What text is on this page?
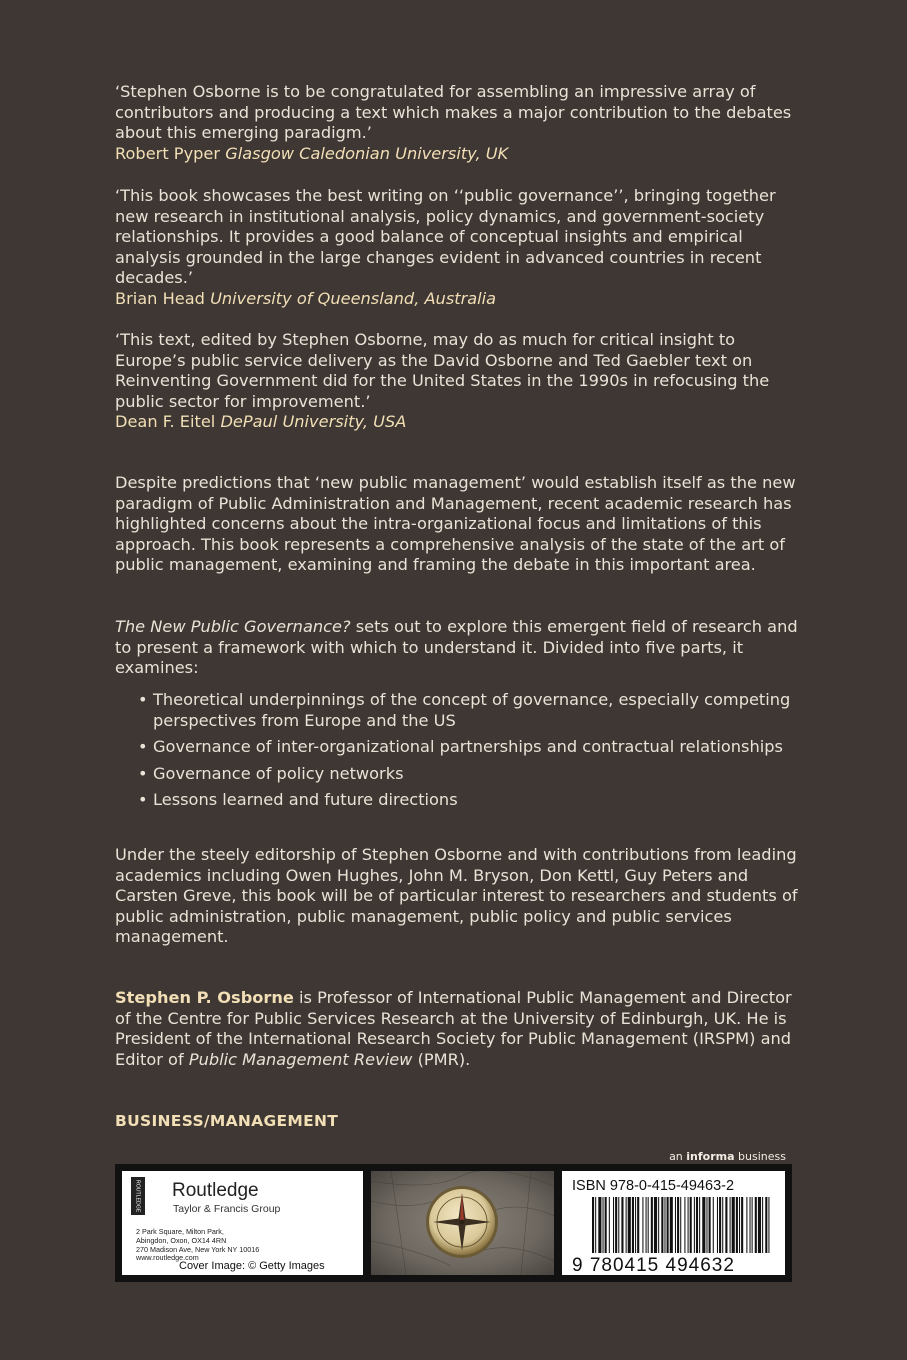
‘Stephen Osborne is to be congratulated for assembling an impressive array of contributors and producing a text which makes a major contribution to the debates about this emerging paradigm.’

Robert Pyper Glasgow Caledonian University, UK

‘This book showcases the best writing on ‘‘public governance’’, bringing together new research in institutional analysis, policy dynamics, and government-society relationships. It provides a good balance of conceptual insights and empirical analysis grounded in the large changes evident in advanced countries in recent decades.’

Brian Head University of Queensland, Australia

‘This text, edited by Stephen Osborne, may do as much for critical insight to Europe’s public service delivery as the David Osborne and Ted Gaebler text on Reinventing Government did for the United States in the 1990s in refocusing the public sector for improvement.’

Dean F. Eitel DePaul University, USA

Despite predictions that ‘new public management’ would establish itself as the new paradigm of Public Administration and Management, recent academic research has highlighted concerns about the intra-organizational focus and limitations of this approach. This book represents a comprehensive analysis of the state of the art of public management, examining and framing the debate in this important area.

The New Public Governance? sets out to explore this emergent field of research and to present a framework with which to understand it. Divided into five parts, it examines:

• Theoretical underpinnings of the concept of governance, especially competing perspectives from Europe and the US
• Governance of inter-organizational partnerships and contractual relationships
• Governance of policy networks
• Lessons learned and future directions

Under the steely editorship of Stephen Osborne and with contributions from leading academics including Owen Hughes, John M. Bryson, Don Kettl, Guy Peters and Carsten Greve, this book will be of particular interest to researchers and students of public administration, public management, public policy and public services management.

Stephen P. Osborne is Professor of International Public Management and Director of the Centre for Public Services Research at the University of Edinburgh, UK. He is President of the International Research Society for Public Management (IRSPM) and Editor of Public Management Review (PMR).

BUSINESS/MANAGEMENT
an informa business
ROUTLEDGE Routledge
Taylor & Francis Group
2 Park Square, Milton Park,
Abingdon, Oxon, OX14 4RN
270 Madison Ave, New York NY 10016
www.routledge.com
Cover Image: © Getty Images
ISBN 978-0-415-49463-2
9 780415 494632
